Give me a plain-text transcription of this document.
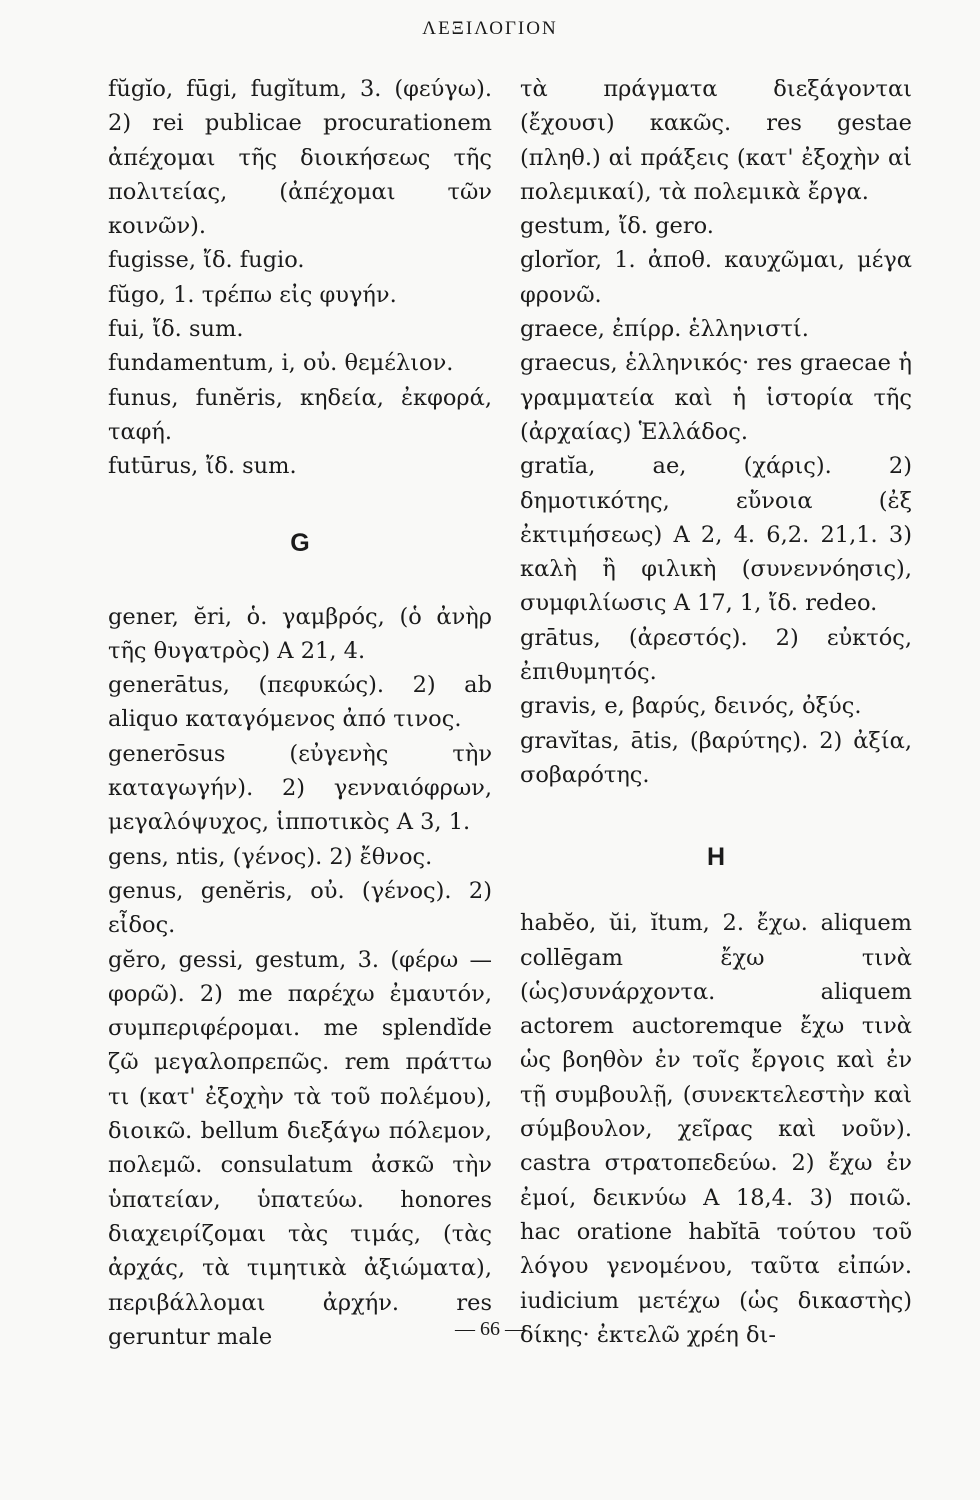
ΛΕΞΙΛΟΓΙΟΝ

fŭgĭo, fūgi, fugĭtum, 3. (φεύγω). 2) rei publicae procurationem ἀπέχομαι τῆς διοικήσεως τῆς πολιτείας, (ἀπέχομαι τῶν κοινῶν).

fugisse, ἴδ. fugio.

fŭgo, 1. τρέπω εἰς φυγήν.

fui, ἴδ. sum.

fundamentum, i, οὐ. θεμέλιον.

funus, funĕris, κηδεία, ἐκφορά, ταφή.

futūrus, ἴδ. sum.

G

gener, ĕri, ὁ. γαμβρός, (ὁ ἀνὴρ τῆς θυγατρὸς) Α 21, 4.

generātus, (πεφυκώς). 2) ab aliquo καταγόμενος ἀπό τινος.

generōsus (εὐγενὴς τὴν καταγωγήν). 2) γενναιόφρων, μεγαλόψυχος, ἱπποτικὸς Α 3, 1.

gens, ntis, (γένος). 2) ἔθνος.

genus, genĕris, οὐ. (γένος). 2) εἶδος.

gĕro, gessi, gestum, 3. (φέρω — φορῶ). 2) me παρέχω ἐμαυτόν, συμπεριφέρομαι. me splendĭde ζῶ μεγαλοπρεπῶς. rem πράττω τι (κατ' ἐξοχὴν τὰ τοῦ πολέμου), διοικῶ. bellum διεξάγω πόλεμον, πολεμῶ. consulatum ἀσκῶ τὴν ὑπατείαν, ὑπατεύω. honores διαχειρίζομαι τὰς τιμάς, (τὰς ἀρχάς, τὰ τιμητικὰ ἀξιώματα), περιβάλλομαι ἀρχήν. res geruntur male

τὰ πράγματα διεξάγονται (ἔχουσι) κακῶς. res gestae (πληθ.) αἱ πράξεις (κατ' ἐξοχὴν αἱ πολεμικαί), τὰ πολεμικὰ ἔργα.

gestum, ἴδ. gero.

glorĭor, 1. ἀποθ. καυχῶμαι, μέγα φρονῶ.

graece, ἐπίρρ. ἑλληνιστί.

graecus, ἑλληνικός· res graecae ἡ γραμματεία καὶ ἡ ἱστορία τῆς (ἀρχαίας) Ἑλλάδος.

gratĭa, ae, (χάρις). 2) δημοτικότης, εὔνοια (ἐξ ἐκτιμήσεως) Α 2, 4. 6,2. 21,1. 3) καλὴ ἢ φιλικὴ (συνεννόησις), συμφιλίωσις Α 17, 1, ἴδ. redeo.

grātus, (ἀρεστός). 2) εὐκτός, ἐπιθυμητός.

gravis, e, βαρύς, δεινός, ὀξύς.

gravĭtas, ātis, (βαρύτης). 2) ἀξία, σοβαρότης.

H

habĕo, ŭi, ĭtum, 2. ἔχω. aliquem collēgam ἔχω τινὰ (ὡς)συνάρχοντα. aliquem actorem auctoremque ἔχω τινὰ ὡς βοηθὸν ἐν τοῖς ἔργοις καὶ ἐν τῇ συμβουλῇ, (συνεκτελεστὴν καὶ σύμβουλον, χεῖρας καὶ νοῦν). castra στρατοπεδεύω. 2) ἔχω ἐν ἐμοί, δεικνύω Α 18,4. 3) ποιῶ. hac oratione habĭtā τούτου τοῦ λόγου γενομένου, ταῦτα εἰπών. iudicium μετέχω (ὡς δικαστὴς) δίκης· ἐκτελῶ χρέη δι-

— 66 —
